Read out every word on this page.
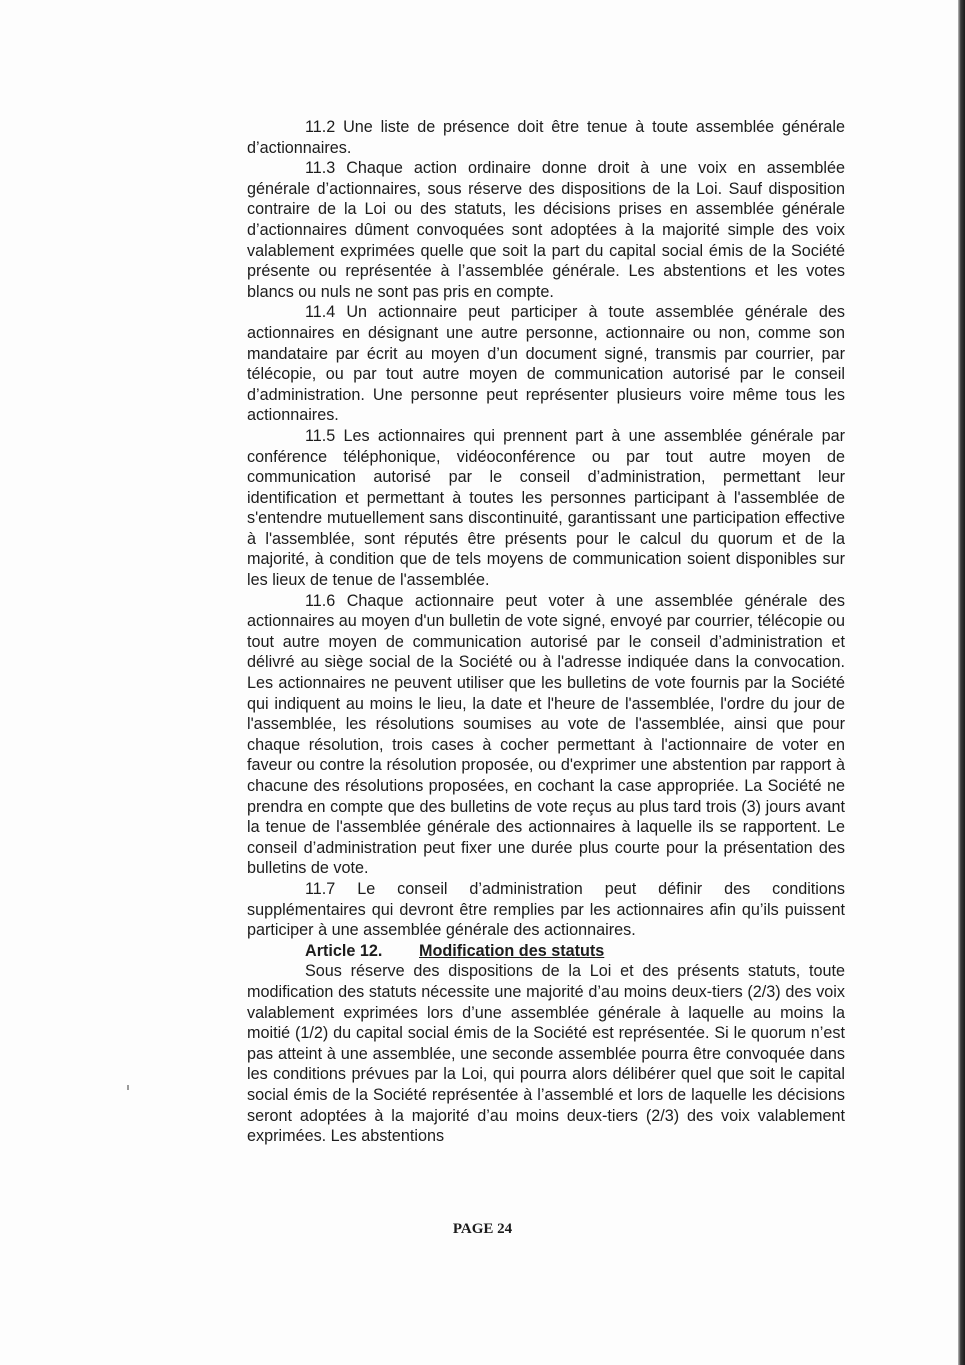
11.2 Une liste de présence doit être tenue à toute assemblée générale d’actionnaires.

11.3 Chaque action ordinaire donne droit à une voix en assemblée générale d’actionnaires, sous réserve des dispositions de la Loi. Sauf disposition contraire de la Loi ou des statuts, les décisions prises en assemblée générale d’actionnaires dûment convoquées sont adoptées à la majorité simple des voix valablement exprimées quelle que soit la part du capital social émis de la Société présente ou représentée à l’assemblée générale. Les abstentions et les votes blancs ou nuls ne sont pas pris en compte.

11.4 Un actionnaire peut participer à toute assemblée générale des actionnaires en désignant une autre personne, actionnaire ou non, comme son mandataire par écrit au moyen d’un document signé, transmis par courrier, par télécopie, ou par tout autre moyen de communication autorisé par le conseil d’administration. Une personne peut représenter plusieurs voire même tous les actionnaires.

11.5 Les actionnaires qui prennent part à une assemblée générale par conférence téléphonique, vidéoconférence ou par tout autre moyen de communication autorisé par le conseil d’administration, permettant leur identification et permettant à toutes les personnes participant à l'assemblée de s'entendre mutuellement sans discontinuité, garantissant une participation effective à l'assemblée, sont réputés être présents pour le calcul du quorum et de la majorité, à condition que de tels moyens de communication soient disponibles sur les lieux de tenue de l'assemblée.

11.6 Chaque actionnaire peut voter à une assemblée générale des actionnaires au moyen d'un bulletin de vote signé, envoyé par courrier, télécopie ou tout autre moyen de communication autorisé par le conseil d’administration et délivré au siège social de la Société ou à l'adresse indiquée dans la convocation. Les actionnaires ne peuvent utiliser que les bulletins de vote fournis par la Société qui indiquent au moins le lieu, la date et l'heure de l'assemblée, l'ordre du jour de l'assemblée, les résolutions soumises au vote de l'assemblée, ainsi que pour chaque résolution, trois cases à cocher permettant à l'actionnaire de voter en faveur ou contre la résolution proposée, ou d'exprimer une abstention par rapport à chacune des résolutions proposées, en cochant la case appropriée. La Société ne prendra en compte que des bulletins de vote reçus au plus tard trois (3) jours avant la tenue de l'assemblée générale des actionnaires à laquelle ils se rapportent. Le conseil d’administration peut fixer une durée plus courte pour la présentation des bulletins de vote.

11.7 Le conseil d’administration peut définir des conditions supplémentaires qui devront être remplies par les actionnaires afin qu’ils puissent participer à une assemblée générale des actionnaires.

Article 12. Modification des statuts

Sous réserve des dispositions de la Loi et des présents statuts, toute modification des statuts nécessite une majorité d’au moins deux-tiers (2/3) des voix valablement exprimées lors d’une assemblée générale à laquelle au moins la moitié (1/2) du capital social émis de la Société est représentée. Si le quorum n’est pas atteint à une assemblée, une seconde assemblée pourra être convoquée dans les conditions prévues par la Loi, qui pourra alors délibérer quel que soit le capital social émis de la Société représentée à l’assemblé et lors de laquelle les décisions seront adoptées à la majorité d’au moins deux-tiers (2/3) des voix valablement exprimées. Les abstentions

PAGE 24
